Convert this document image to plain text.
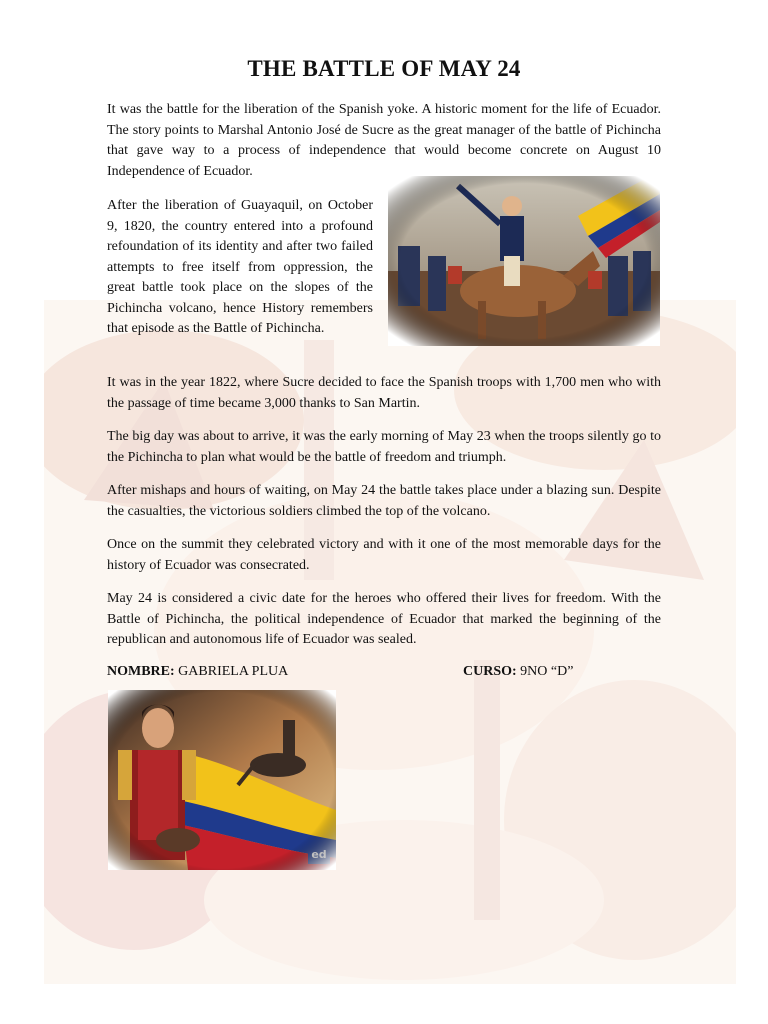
THE BATTLE OF MAY 24

It was the battle for the liberation of the Spanish yoke. A historic moment for the life of Ecuador. The story points to Marshal Antonio José de Sucre as the great manager of the battle of Pichincha that gave way to a process of independence that would become concrete on August 10 Independence of Ecuador.

After the liberation of Guayaquil, on October 9, 1820, the country entered into a profound refoundation of its identity and after two failed attempts to free itself from oppression, the great battle took place on the slopes of the Pichincha volcano, hence History remembers that episode as the Battle of Pichincha.

It was in the year 1822, where Sucre decided to face the Spanish troops with 1,700 men who with the passage of time became 3,000 thanks to San Martin.

The big day was about to arrive, it was the early morning of May 23 when the troops silently go to the Pichincha to plan what would be the battle of freedom and triumph.

After mishaps and hours of waiting, on May 24 the battle takes place under a blazing sun. Despite the casualties, the victorious soldiers climbed the top of the volcano.

Once on the summit they celebrated victory and with it one of the most memorable days for the history of Ecuador was consecrated.

May 24 is considered a civic date for the heroes who offered their lives for freedom. With the Battle of Pichincha, the political independence of Ecuador that marked the beginning of the republican and autonomous life of Ecuador was sealed.

NOMBRE: GABRIELA PLUA	CURSO: 9NO “D”
